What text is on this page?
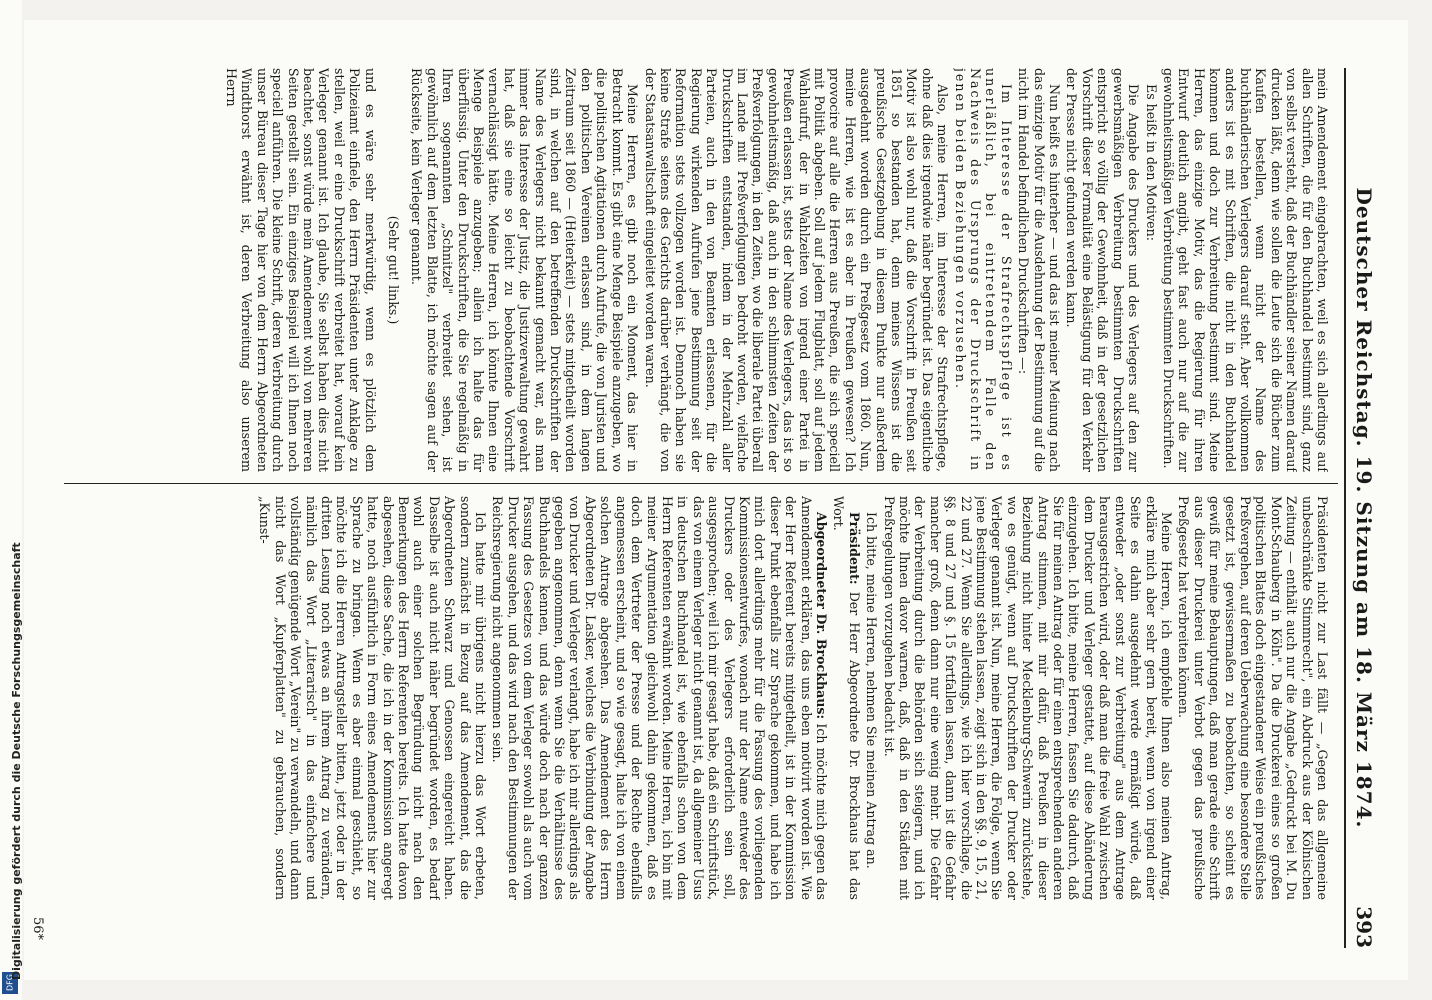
DFG
Digitalisierung gefördert durch die Deutsche Forschungsgemeinschaft	Deutscher Reichstag. 19. Sitzung am 18. März 1874.
393

mein Amendement eingebrachten, weil es sich allerdings auf allen Schriften, die für den Buchhandel bestimmt sind, ganz von selbst versteht, daß der Buchhändler seiner Namen darauf drucken läßt, denn wie sollen die Leute sich die Bücher zum Kaufen bestellen, wenn nicht der Name des buchhändlerischen Verlegers darauf steht. Aber vollkommen anders ist es mit Schriften, die nicht in den Buchhandel kommen und doch zur Verbreitung bestimmt sind. Meine Herren, das einzige Motiv, das die Regierung für ihren Entwurf deutlich angibt, geht fast auch nur auf die zur gewohnheitsmäßigen Verbreitung bestimmten Druckschriften.

Es heißt in den Motiven:

Die Angabe des Druckers und des Verlegers auf den zur gewerbsmäßigen Verbreitung bestimmten Druckschriften entspricht so völlig der Gewohnheit, daß in der gesetzlichen Vorschrift dieser Formalität eine Belästigung für den Verkehr der Presse nicht gefunden werden kann.

Nun heißt es hinterher — und das ist meiner Meinung nach das einzige Motiv für die Ausdehnung der Bestimmung auf die nicht im Handel befindlichen Druckschriften —:

Im Interesse der Strafrechtspflege ist es unerläßlich, bei eintretendem Falle den Nachweis des Ursprungs der Druckschrift in jenen beiden Beziehungen vorzusehen.

Also, meine Herren, im Interesse der Strafrechtspflege, ohne daß dies irgendwie näher begründet ist. Das eigentliche Motiv ist also wohl nur, daß die Vorschrift in Preußen seit 1851 so bestanden hat, denn meines Wissens ist die preußische Gesetzgebung in diesem Punkte nur außerdem ausgedehnt worden durch ein Preßgesetz vom 1860. Nun, meine Herren, wie ist es aber in Preußen gewesen? Ich provocire auf alle die Herren aus Preußen, die sich speciell mit Politik abgeben. Soll auf jedem Flugblatt, soll auf jedem Wahlaufruf, der in Wahlzeiten von irgend einer Partei in Preußen erlassen ist, stets der Name des Verlegers, das ist so gewohnheitsmäßig, daß auch in den schlimmsten Zeiten der Preßverfolgungen, in den Zeiten, wo die liberale Partei überall im Lande mit Preßverfolgungen bedroht worden, vielfache Druckschriften entstanden, indem in der Mehrzahl aller Parteien, auch in den von Beamten erlassenen, für die Regierung wirkenden Aufrufen jene Bestimmung seit der Reformation stets vollzogen worden ist. Dennoch haben sie keine Strafe seitens des Gerichts darüber verhängt, die von der Staatsanwaltschaft eingeleitet worden waren.

Meine Herren, es gibt noch ein Moment, das hier in Betracht kommt. Es gibt eine Menge Beispiele anzugeben, wo die politischen Agitationen durch Aufrufe, die von Juristen und den politischen Vereinen erlassen sind, in dem langen Zeitraum seit 1860 — (Heiterkeit) — stets mitgetheilt worden sind, in welchen auf den betreffenden Druckschriften der Name des Verlegers nicht bekannt gemacht war, als man immer das Interesse der Justiz, die Justizverwaltung gewahrt hat, daß sie eine so leicht zu beobachtende Vorschrift vernachlässigt hätte. Meine Herren, ich könnte Ihnen eine Menge Beispiele anzugeben; allein ich halte das für überflüssig. Unter den Druckschriften, die Sie regelmäßig in Ihren sogenannten „Schnitzel" verbreitet sehen, ist gewöhnlich auf dem letzten Blatte, ich möchte sagen auf der Rückseite, kein Verleger genannt.

(Sehr gut! links.)

und es wäre sehr merkwürdig, wenn es plötzlich dem Polizeiamt einfiele, den Herrn Präsidenten unter Anklage zu stellen, weil er eine Druckschrift verbreitet hat, worauf kein Verleger genannt ist. Ich glaube, Sie selbst haben dies nicht beachtet, sonst würde mein Amendement wohl von mehreren Seiten gestellt sein. Ein einziges Beispiel will ich Ihnen noch speciell anführen. Die kleine Schrift, deren Verbreitung durch unser Büreau dieser Tage hier von dem Herrn Abgeordneten Windthorst erwähnt ist, deren Verbreitung also unserem Herrn

Präsidenten nicht zur Last fällt — „Gegen das allgemeine unbeschränkte Stimmrecht", ein Abdruck aus der Kölnischen Zeitung — enthält auch nur die Angabe „Gedruckt bei M. Du Mont-Schauberg in Köln". Da die Druckerei eines so großen politischen Blattes doch eingestandener Weise ein preußisches Preßvergehen, auf deren Ueberwachung eine besondere Stelle gesetzt ist, gewissermaßen zu beobachten, so scheint es gewiß für meine Behauptungen, daß man gerade eine Schrift aus dieser Druckerei unter Verbot gegen das preußische Preßgesetz hat verbreiten können.

Meine Herren, ich empfehle Ihnen also meinen Antrag, erkläre mich aber sehr gern bereit, wenn von irgend einer Seite es dahin ausgedehnt werde ermäßigt würde, daß entweder „oder sonst zur Verbreitung" aus dem Antrage herausgestrichen wird, oder daß man die freie Wahl zwischen dem Drucker und Verleger gestattet, auf diese Abänderung einzugehen. Ich bitte, meine Herren, fassen Sie dadurch, daß Sie für meinen Antrag oder für einen entsprechenden anderen Antrag stimmen, mit mir dafür, daß Preußen in dieser Beziehung nicht hinter Mecklenburg-Schwerin zurückstehe, wo es genügt, wenn auf Druckschriften der Drucker oder Verleger genannt ist. Nun, meine Herren, die Folge, wenn Sie jene Bestimmung stehen lassen, zeigt sich in den §§. 9, 15, 21, 22 und 27. Wenn Sie allerdings, wie ich hier vorschlage, die §§. 8 und 27 und §. 15 fortfallen lassen, dann ist die Gefahr mancher groß, denn dann nur eine wenig mehr. Die Gefahr der Verbreitung durch die Behörden sich steigern, und ich möchte Ihnen davor warnen, daß, daß in den Städten mit Preßregelungen vorzugehen bedacht ist.

Ich bitte, meine Herren, nehmen Sie meinen Antrag an.

Präsident: Der Herr Abgeordnete Dr. Brockhaus hat das Wort.

Abgeordneter Dr. Brockhaus: Ich möchte mich gegen das Amendement erklären, das uns eben motivirt worden ist. Wie der Herr Referent bereits mitgetheilt, ist in der Kommission dieser Punkt ebenfalls zur Sprache gekommen, und habe ich mich dort allerdings mehr für die Fassung des vorliegenden Kommissionsentwurfes, wonach nur der Name entweder des Druckers oder des Verlegers erforderlich sein soll, ausgesprochen; weil ich mir gesagt habe, daß ein Schriftstück, das von einem Verleger nicht genannt ist, da allgemeiner Usus in deutschen Buchhandel ist, wie ebenfalls schon von dem Herrn Referenten erwähnt worden. Meine Herren, ich bin mit meiner Argumentation gleichwohl dahin gekommen, daß es doch dem Vertreter der Presse und der Rechte ebenfalls angemessen erscheint, und so wie gesagt, halte ich von einem solchen Antrage abgesehen. Das Amendement des Herrn Abgeordneten Dr. Lasker, welches die Verbindung der Angabe von Drucker und Verleger verlangt, habe ich mir allerdings als gegeben angenommen, denn wenn Sie die Verhältnisse des Buchhandels kennen, und das würde doch nach der ganzen Fassung des Gesetzes von dem Verleger sowohl als auch vom Drucker ausgehen, und das wird nach den Bestimmungen der Reichsregierung nicht angenommen sein.

Ich hatte mir übrigens nicht hierzu das Wort erbeten, sondern zunächst in Bezug auf das Amendement, das die Abgeordneten Schwarz und Genossen eingereicht haben. Dasselbe ist auch nicht näher begründet worden, es bedarf wohl auch einer solchen Begründung nicht nach den Bemerkungen des Herrn Referenten bereits. Ich hatte davon abgesehen, diese Sache, die ich in der Kommission angeregt hatte, noch ausführlich in Form eines Amendements hier zur Sprache zu bringen. Wenn es aber einmal geschieht, so möchte ich die Herren Antragsteller bitten, jetzt oder in der dritten Lesung noch etwas an ihrem Antrag zu verändern, nämlich das Wort „Literarisch" in das einfachere und vollständig genügende Wort „Verein" zu verwandeln, und dann nicht das Wort „Kupferplatten" zu gebrauchen, sondern „Kunst-

56*
